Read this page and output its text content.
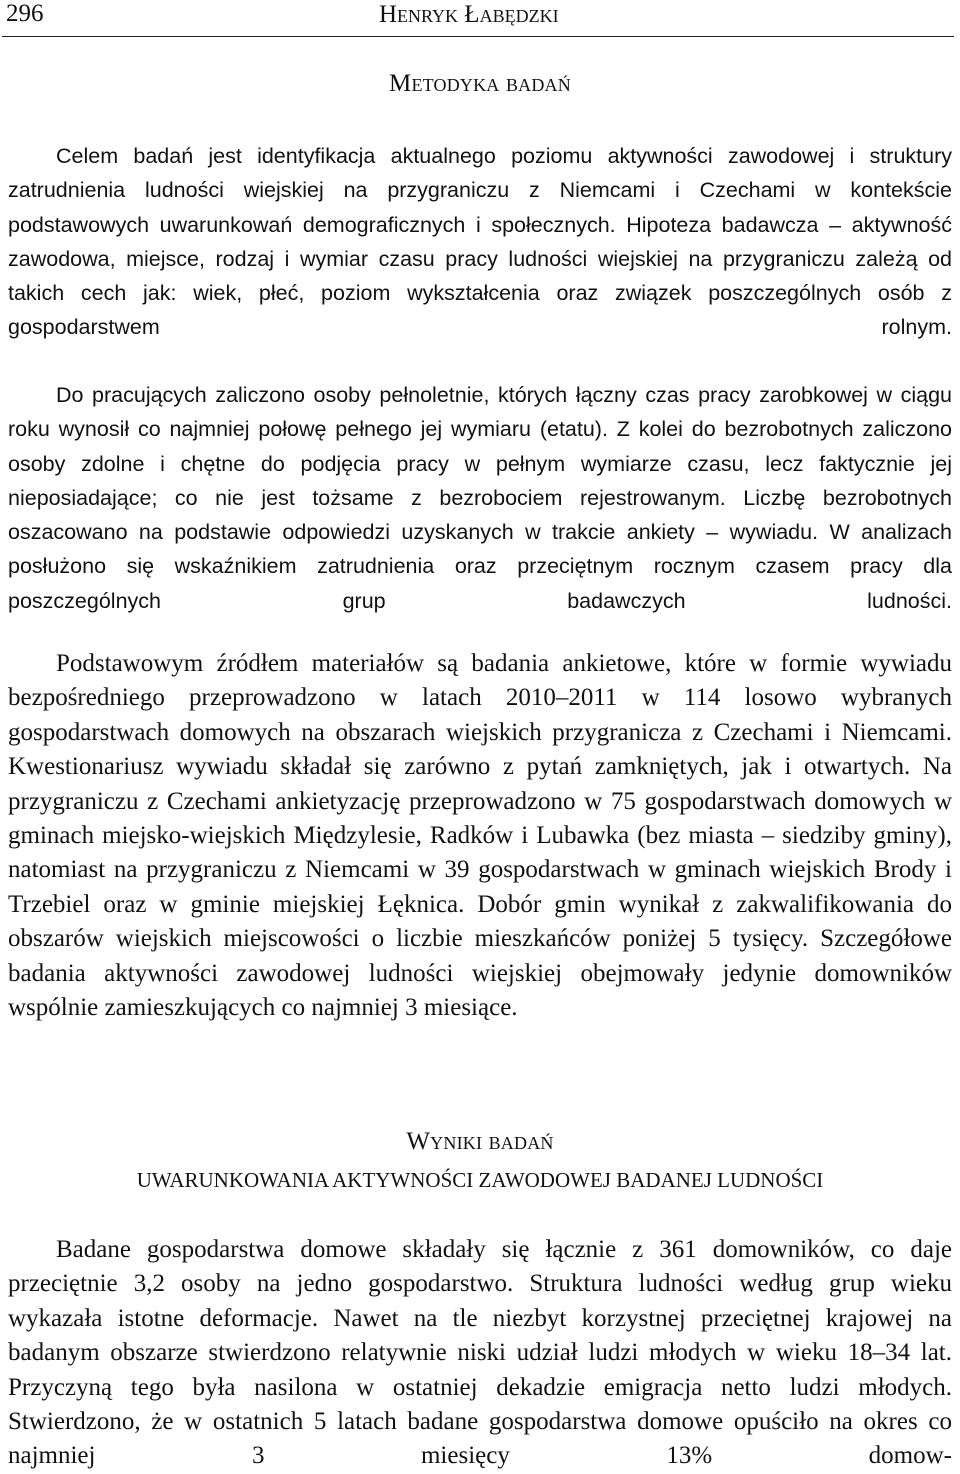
296	Henryk Łabędzki
Metodyka badań

Celem badań jest identyfikacja aktualnego poziomu aktywności zawodowej i struktury zatrudnienia ludności wiejskiej na przygraniczu z Niemcami i Czechami w kontekście podstawowych uwarunkowań demograficznych i społecznych. Hipoteza badawcza – aktywność zawodowa, miejsce, rodzaj i wymiar czasu pracy ludności wiejskiej na przygraniczu zależą od takich cech jak: wiek, płeć, poziom wykształcenia oraz związek poszczególnych osób z gospodarstwem rolnym.

Do pracujących zaliczono osoby pełnoletnie, których łączny czas pracy zarobkowej w ciągu roku wynosił co najmniej połowę pełnego jej wymiaru (etatu). Z kolei do bezrobotnych zaliczono osoby zdolne i chętne do podjęcia pracy w pełnym wymiarze czasu, lecz faktycznie jej nieposiadające; co nie jest tożsame z bezrobociem rejestrowanym. Liczbę bezrobotnych oszacowano na podstawie odpowiedzi uzyskanych w trakcie ankiety – wywiadu. W analizach posłużono się wskaźnikiem zatrudnienia oraz przeciętnym rocznym czasem pracy dla poszczególnych grup badawczych ludności.

Podstawowym źródłem materiałów są badania ankietowe, które w formie wywiadu bezpośredniego przeprowadzono w latach 2010–2011 w 114 losowo wybranych gospodarstwach domowych na obszarach wiejskich przygranicza z Czechami i Niemcami. Kwestionariusz wywiadu składał się zarówno z pytań zamkniętych, jak i otwartych. Na przygraniczu z Czechami ankietyzację przeprowadzono w 75 gospodarstwach domowych w gminach miejsko-wiejskich Międzylesie, Radków i Lubawka (bez miasta – siedziby gminy), natomiast na przygraniczu z Niemcami w 39 gospodarstwach w gminach wiejskich Brody i Trzebiel oraz w gminie miejskiej Łęknica. Dobór gmin wynikał z zakwalifikowania do obszarów wiejskich miejscowości o liczbie mieszkańców poniżej 5 tysięcy. Szczegółowe badania aktywności zawodowej ludności wiejskiej obejmowały jedynie domowników wspólnie zamieszkujących co najmniej 3 miesiące.

Wyniki badań
UWARUNKOWANIA AKTYWNOŚCI ZAWODOWEJ BADANEJ LUDNOŚCI

Badane gospodarstwa domowe składały się łącznie z 361 domowników, co daje przeciętnie 3,2 osoby na jedno gospodarstwo. Struktura ludności według grup wieku wykazała istotne deformacje. Nawet na tle niezbyt korzystnej przeciętnej krajowej na badanym obszarze stwierdzono relatywnie niski udział ludzi młodych w wieku 18–34 lat. Przyczyną tego była nasilona w ostatniej dekadzie emigracja netto ludzi młodych. Stwierdzono, że w ostatnich 5 latach badane gospodarstwa domowe opuściło na okres co najmniej 3 miesięcy 13% domow-
